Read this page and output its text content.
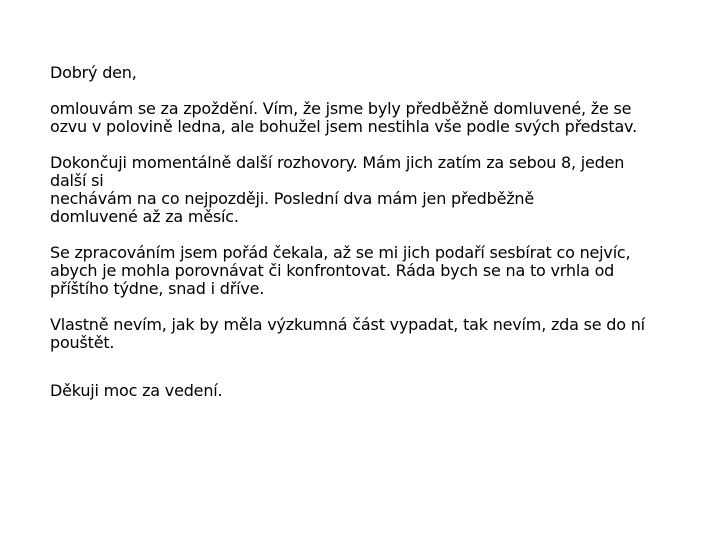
Dobrý den,

omlouvám se za zpoždění. Vím, že jsme byly předběžně domluvené, že se
ozvu v polovině ledna, ale bohužel jsem nestihla vše podle svých představ.

Dokončuji momentálně další rozhovory. Mám jich zatím za sebou 8, jeden
další si
nechávám na co nejpozději. Poslední dva mám jen předběžně
domluvené až za měsíc.

Se zpracováním jsem pořád čekala, až se mi jich podaří sesbírat co nejvíc,
abych je mohla porovnávat či konfrontovat. Ráda bych se na to vrhla od
příštího týdne, snad i dříve.

Vlastně nevím, jak by měla výzkumná část vypadat, tak nevím, zda se do ní
pouštět.

Děkuji moc za vedení.
